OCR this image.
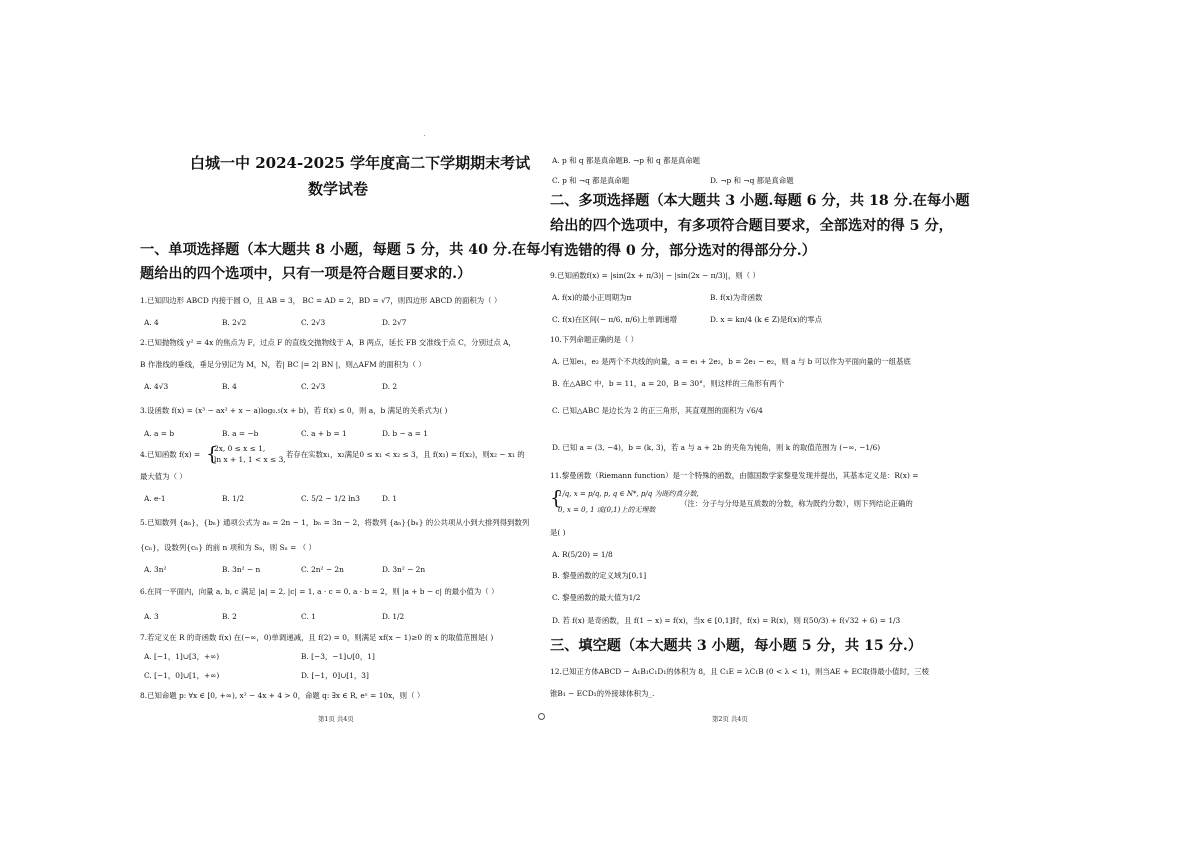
白城一中 2024-2025 学年度高二下学期期末考试
数学试卷
一、单项选择题（本大题共 8 小题，每题 5 分，共 40 分.在每小
题给出的四个选项中，只有一项是符合题目要求的.）
1.已知四边形 ABCD 内接于圆 O，且 AB = 3， BC = AD = 2，BD = √7，则四边形 ABCD 的面积为（ ）
A. 4	B. 2√2	C. 2√3	D. 2√7
2.已知抛物线 y² = 4x 的焦点为 F，过点 F 的直线交抛物线于 A，B 两点，延长 FB 交准线于点 C，分别过点 A，
B 作准线的垂线，垂足分别记为 M，N，若| BC |= 2| BN |，则△AFM 的面积为（ ）
A. 4√3	B. 4	C. 2√3	D. 2
3.设函数 f(x) = (x³ − ax² + x − a)log₀.₅(x + b)，若 f(x) ≤ 0，则 a，b 满足的关系式为( )
A. a = b	B. a = −b	C. a + b = 1	D. b − a = 1
4.已知函数 f(x) = {
2x, 0 ≤ x ≤ 1,
ln x + 1, 1 < x ≤ 3,
若存在实数x₁，x₂满足0 ≤ x₁ < x₂ ≤ 3，且 f(x₁) = f(x₂)，则x₂ − x₁ 的
最大值为（ ）
A. e-1	B. 1/2	C. 5/2 − 1/2 ln3	D. 1
5.已知数列 {aₙ}，{bₙ} 通项公式为 aₙ = 2n − 1，bₙ = 3n − 2，将数列 {aₙ}{bₙ} 的公共项从小到大排列得到数列
{cₙ}，设数列{cₙ} 的前 n 项和为 Sₙ，则 Sₙ = （ ）
A. 3n²	B. 3n² − n	C. 2n² − 2n	D. 3n² − 2n
6.在同一平面内，向量 a, b, c 满足 |a| = 2, |c| = 1, a · c = 0, a · b = 2，则 |a + b − c| 的最小值为（ ）
A. 3	B. 2	C. 1	D. 1/2
7.若定义在 R 的奇函数 f(x) 在(−∞，0)单调递减，且 f(2) = 0，则满足 xf(x − 1)≥0 的 x 的取值范围是( )
A. [−1，1]∪[3，+∞)	B. [−3，−1]∪[0，1]
C. [−1，0]∪[1，+∞)	D. [−1，0]∪[1，3]
8.已知命题 p: ∀x ∈ [0, +∞), x² − 4x + 4 > 0，命题 q: ∃x ∈ R, eˣ = 10x，则（ ）
第1页 共4页
A. p 和 q 都是真命题B. ¬p 和 q 都是真命题
C. p 和 ¬q 都是真命题	D. ¬p 和 ¬q 都是真命题
二、多项选择题（本大题共 3 小题.每题 6 分，共 18 分.在每小题
给出的四个选项中，有多项符合题目要求，全部选对的得 5 分，
有选错的得 0 分，部分选对的得部分分.）
9.已知函数f(x) = |sin(2x + π/3)| − |sin(2x − π/3)|，则（ ）
A. f(x)的最小正周期为π	B. f(x)为奇函数
C. f(x)在区间(− π/6, π/6)上单调递增	D. x = kπ/4 (k ∈ Z)是f(x)的零点
10.下列命题正确的是（ ）
A. 已知e₁，e₂ 是两个不共线的向量，a = e₁ + 2e₂，b = 2e₁ − e₂，则 a 与 b 可以作为平面向量的一组基底
B. 在△ABC 中，b = 11，a = 20，B = 30°，则这样的三角形有两个
C. 已知△ABC 是边长为 2 的正三角形，其直观图的面积为 √6/4
D. 已知 a = (3, −4)，b = (k, 3)，若 a 与 a + 2b 的夹角为钝角，则 k 的取值范围为 (−∞, −1/6)
11.黎曼函数（Riemann function）是一个特殊的函数，由德国数学家黎曼发现并提出，其基本定义是：R(x) =
{
1/q, x = p/q, p, q ∈ N*, p/q 为既约真分数,
0, x = 0, 1 或(0,1)上的无理数
（注：分子与分母是互质数的分数，称为既约分数），则下列结论正确的
是( )
A. R(5/20) = 1/8
B. 黎曼函数的定义域为[0,1]
C. 黎曼函数的最大值为1/2
D. 若 f(x) 是奇函数，且 f(1 − x) = f(x)，当x ∈ [0,1]时，f(x) = R(x)，则 f(50/3) + f(√32 + 6) = 1/3
三、填空题（本大题共 3 小题，每小题 5 分，共 15 分.）
12.已知正方体ABCD − A₁B₁C₁D₁的体积为 8，且 C₁E = λC₁B (0 < λ < 1)，则当AE + EC取得最小值时，三棱
锥B₁ − ECD₁的外接球体积为_.
第2页 共4页
